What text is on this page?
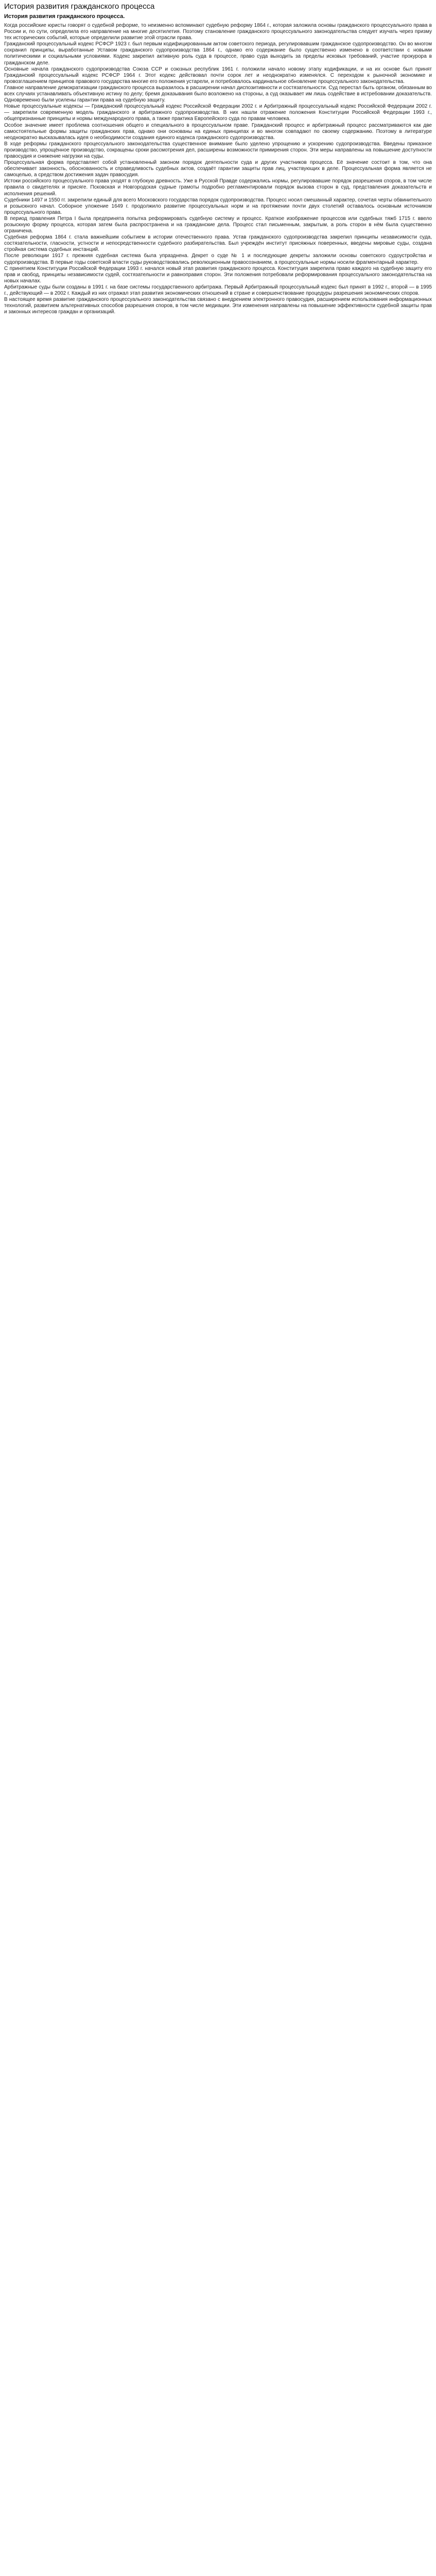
История развития гражданского процесса
История развития гражданского процесса.

Когда российские юристы говорят о судебной реформе, то неизменно вспоминают судебную реформу 1864 г., которая заложила основы гражданского процессуального права в России и, по сути, определила его направление на многие десятилетия. Поэтому становление гражданского процессуального законодательства следует изучать через призму тех исторических событий, которые определили развитие этой отрасли права.

Гражданский процессуальный кодекс РСФСР 1923 г. был первым кодифицированным актом советского периода, регулировавшим гражданское судопроизводство. Он во многом сохранил принципы, выработанные Уставом гражданского судопроизводства 1864 г., однако его содержание было существенно изменено в соответствии с новыми политическими и социальными условиями. Кодекс закрепил активную роль суда в процессе, право суда выходить за пределы исковых требований, участие прокурора в гражданском деле.

Основные начала гражданского судопроизводства Союза ССР и союзных республик 1961 г. положили начало новому этапу кодификации, и на их основе был принят Гражданский процессуальный кодекс РСФСР 1964 г. Этот кодекс действовал почти сорок лет и неоднократно изменялся. С переходом к рыночной экономике и провозглашением принципов правового государства многие его положения устарели, и потребовалось кардинальное обновление процессуального законодательства.

Главное направление демократизации гражданского процесса выразилось в расширении начал диспозитивности и состязательности. Суд перестал быть органом, обязанным во всех случаях устанавливать объективную истину по делу; бремя доказывания было возложено на стороны, а суд оказывает им лишь содействие в истребовании доказательств. Одновременно были усилены гарантии права на судебную защиту.

Новые процессуальные кодексы — Гражданский процессуальный кодекс Российской Федерации 2002 г. и Арбитражный процессуальный кодекс Российской Федерации 2002 г. — закрепили современную модель гражданского и арбитражного судопроизводства. В них нашли отражение положения Конституции Российской Федерации 1993 г., общепризнанные принципы и нормы международного права, а также практика Европейского суда по правам человека.

Особое значение имеет проблема соотношения общего и специального в процессуальном праве. Гражданский процесс и арбитражный процесс рассматриваются как две самостоятельные формы защиты гражданских прав, однако они основаны на единых принципах и во многом совпадают по своему содержанию. Поэтому в литературе неоднократно высказывалась идея о необходимости создания единого кодекса гражданского судопроизводства.

В ходе реформы гражданского процессуального законодательства существенное внимание было уделено упрощению и ускорению судопроизводства. Введены приказное производство, упрощённое производство, сокращены сроки рассмотрения дел, расширены возможности примирения сторон. Эти меры направлены на повышение доступности правосудия и снижение нагрузки на суды.

Процессуальная форма представляет собой установленный законом порядок деятельности суда и других участников процесса. Её значение состоит в том, что она обеспечивает законность, обоснованность и справедливость судебных актов, создаёт гарантии защиты прав лиц, участвующих в деле. Процессуальная форма является не самоцелью, а средством достижения задач правосудия.

Истоки российского процессуального права уходят в глубокую древность. Уже в Русской Правде содержались нормы, регулировавшие порядок разрешения споров, в том числе правила о свидетелях и присяге. Псковская и Новгородская судные грамоты подробно регламентировали порядок вызова сторон в суд, представления доказательств и исполнения решений.

Судебники 1497 и 1550 гг. закрепили единый для всего Московского государства порядок судопроизводства. Процесс носил смешанный характер, сочетая черты обвинительного и розыскного начал. Соборное уложение 1649 г. продолжило развитие процессуальных норм и на протяжении почти двух столетий оставалось основным источником процессуального права.

В период правления Петра I была предпринята попытка реформировать судебную систему и процесс. Краткое изображение процессов или судебных тяжб 1715 г. ввело розыскную форму процесса, которая затем была распространена и на гражданские дела. Процесс стал письменным, закрытым, а роль сторон в нём была существенно ограничена.

Судебная реформа 1864 г. стала важнейшим событием в истории отечественного права. Устав гражданского судопроизводства закрепил принципы независимости суда, состязательности, гласности, устности и непосредственности судебного разбирательства. Был учреждён институт присяжных поверенных, введены мировые суды, создана стройная система судебных инстанций.

После революции 1917 г. прежняя судебная система была упразднена. Декрет о суде № 1 и последующие декреты заложили основы советского судоустройства и судопроизводства. В первые годы советской власти суды руководствовались революционным правосознанием, а процессуальные нормы носили фрагментарный характер.

С принятием Конституции Российской Федерации 1993 г. начался новый этап развития гражданского процесса. Конституция закрепила право каждого на судебную защиту его прав и свобод, принципы независимости судей, состязательности и равноправия сторон. Эти положения потребовали реформирования процессуального законодательства на новых началах.

Арбитражные суды были созданы в 1991 г. на базе системы государственного арбитража. Первый Арбитражный процессуальный кодекс был принят в 1992 г., второй — в 1995 г., действующий — в 2002 г. Каждый из них отражал этап развития экономических отношений в стране и совершенствование процедуры разрешения экономических споров.

В настоящее время развитие гражданского процессуального законодательства связано с внедрением электронного правосудия, расширением использования информационных технологий, развитием альтернативных способов разрешения споров, в том числе медиации. Эти изменения направлены на повышение эффективности судебной защиты прав и законных интересов граждан и организаций.
